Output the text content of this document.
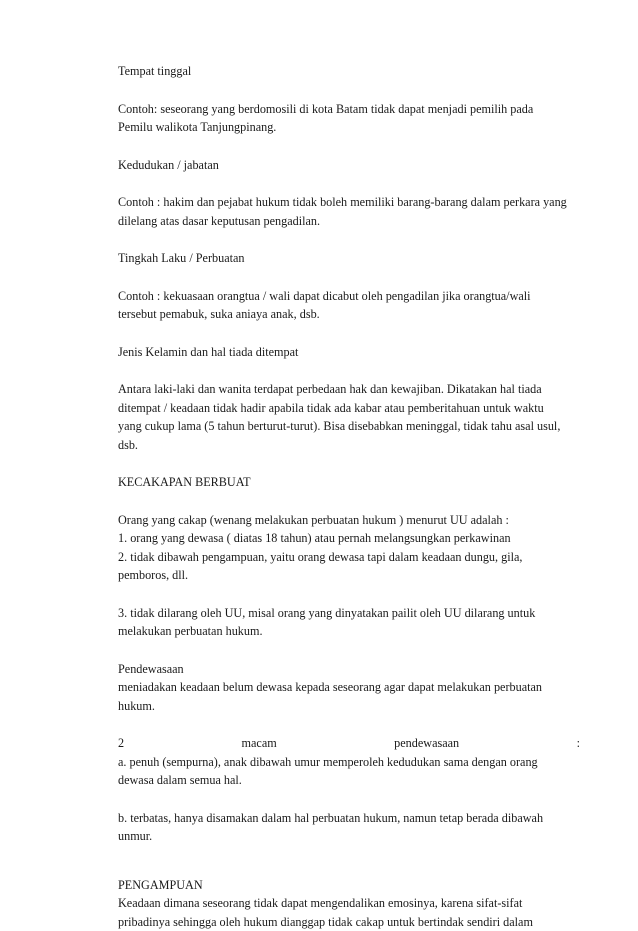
Tempat tinggal

Contoh: seseorang yang berdomosili di kota Batam tidak dapat menjadi pemilih pada
Pemilu walikota Tanjungpinang.

Kedudukan / jabatan

Contoh : hakim dan pejabat hukum tidak boleh memiliki barang-barang dalam perkara yang
dilelang atas dasar keputusan pengadilan.

Tingkah Laku / Perbuatan

Contoh : kekuasaan orangtua / wali dapat dicabut oleh pengadilan jika orangtua/wali
tersebut pemabuk, suka aniaya anak, dsb.

Jenis Kelamin dan hal tiada ditempat

Antara laki-laki dan wanita terdapat perbedaan hak dan kewajiban. Dikatakan hal tiada
ditempat / keadaan tidak hadir apabila tidak ada kabar atau pemberitahuan untuk waktu
yang cukup lama (5 tahun berturut-turut). Bisa disebabkan meninggal, tidak tahu asal usul,
dsb.

KECAKAPAN BERBUAT

Orang yang cakap (wenang melakukan perbuatan hukum ) menurut UU adalah :
1. orang yang dewasa ( diatas 18 tahun) atau pernah melangsungkan perkawinan
2. tidak dibawah pengampuan, yaitu orang dewasa tapi dalam keadaan dungu, gila,
pemboros, dll.

3. tidak dilarang oleh UU, misal orang yang dinyatakan pailit oleh UU dilarang untuk
melakukan perbuatan hukum.

Pendewasaan
meniadakan keadaan belum dewasa kepada seseorang agar dapat melakukan perbuatan
hukum.

2	macam	pendewasaan	:

a. penuh (sempurna), anak dibawah umur memperoleh kedudukan sama dengan orang
dewasa dalam semua hal.

b. terbatas, hanya disamakan dalam hal perbuatan hukum, namun tetap berada dibawah
unmur.

PENGAMPUAN

Keadaan dimana seseorang tidak dapat mengendalikan emosinya, karena sifat-sifat
pribadinya sehingga oleh hukum dianggap tidak cakap untuk bertindak sendiri dalam
